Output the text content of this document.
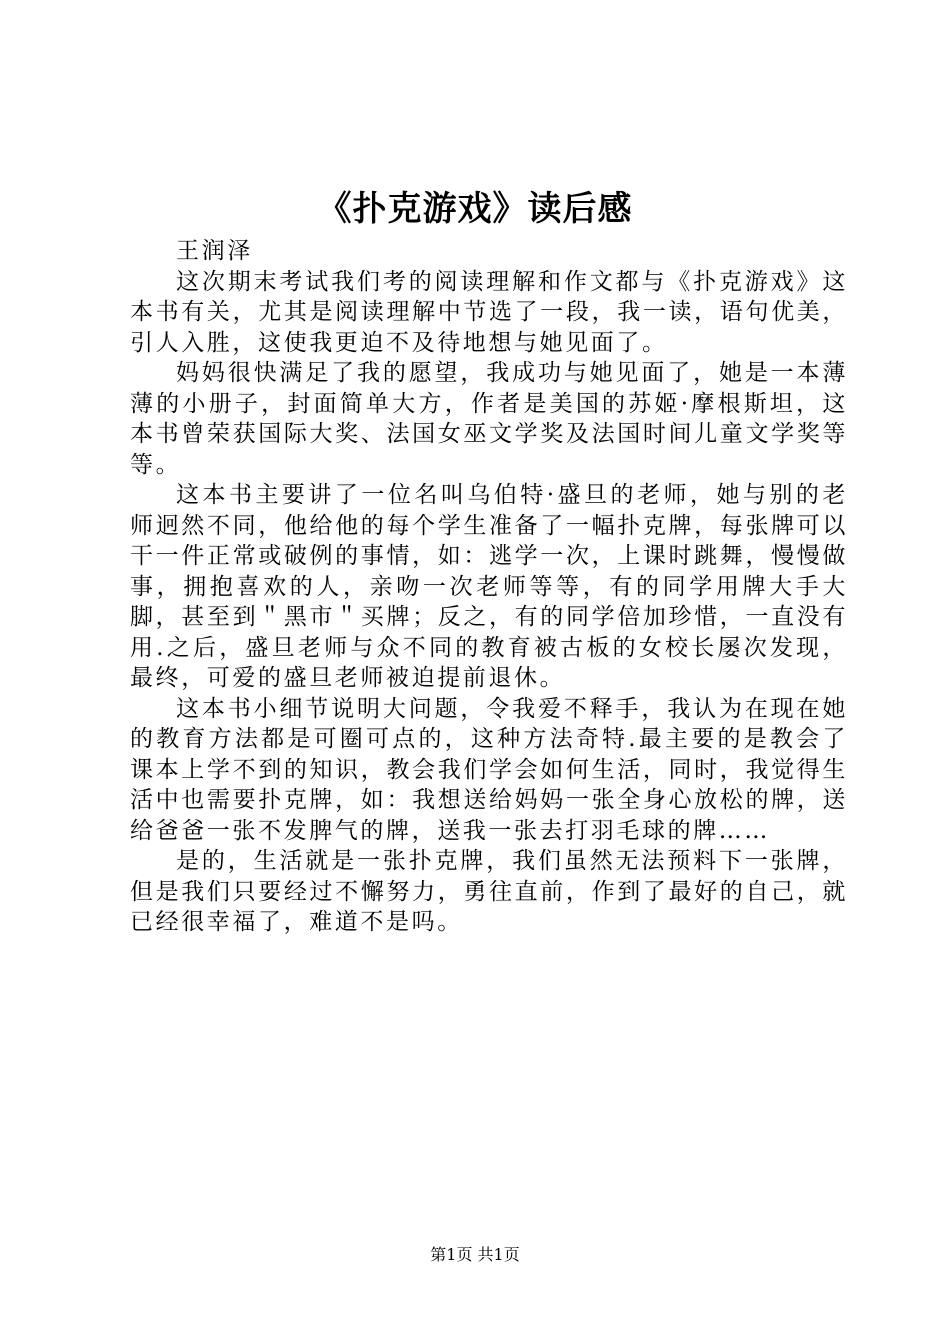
《扑克游戏》读后感

王润泽

这次期末考试我们考的阅读理解和作文都与《扑克游戏》这本书有关，尤其是阅读理解中节选了一段，我一读，语句优美，引人入胜，这使我更迫不及待地想与她见面了。

妈妈很快满足了我的愿望，我成功与她见面了，她是一本薄薄的小册子，封面简单大方，作者是美国的苏姬·摩根斯坦，这本书曾荣获国际大奖、法国女巫文学奖及法国时间儿童文学奖等等。

这本书主要讲了一位名叫乌伯特·盛旦的老师，她与别的老师迥然不同，他给他的每个学生准备了一幅扑克牌，每张牌可以干一件正常或破例的事情，如：逃学一次，上课时跳舞，慢慢做事，拥抱喜欢的人，亲吻一次老师等等，有的同学用牌大手大脚，甚至到＂黑市＂买牌；反之，有的同学倍加珍惜，一直没有用.之后，盛旦老师与众不同的教育被古板的女校长屡次发现，最终，可爱的盛旦老师被迫提前退休。

这本书小细节说明大问题，令我爱不释手，我认为在现在她的教育方法都是可圈可点的，这种方法奇特.最主要的是教会了课本上学不到的知识，教会我们学会如何生活，同时，我觉得生活中也需要扑克牌，如：我想送给妈妈一张全身心放松的牌，送给爸爸一张不发脾气的牌，送我一张去打羽毛球的牌……

是的，生活就是一张扑克牌，我们虽然无法预料下一张牌，但是我们只要经过不懈努力，勇往直前，作到了最好的自己，就已经很幸福了，难道不是吗。

第1页 共1页
